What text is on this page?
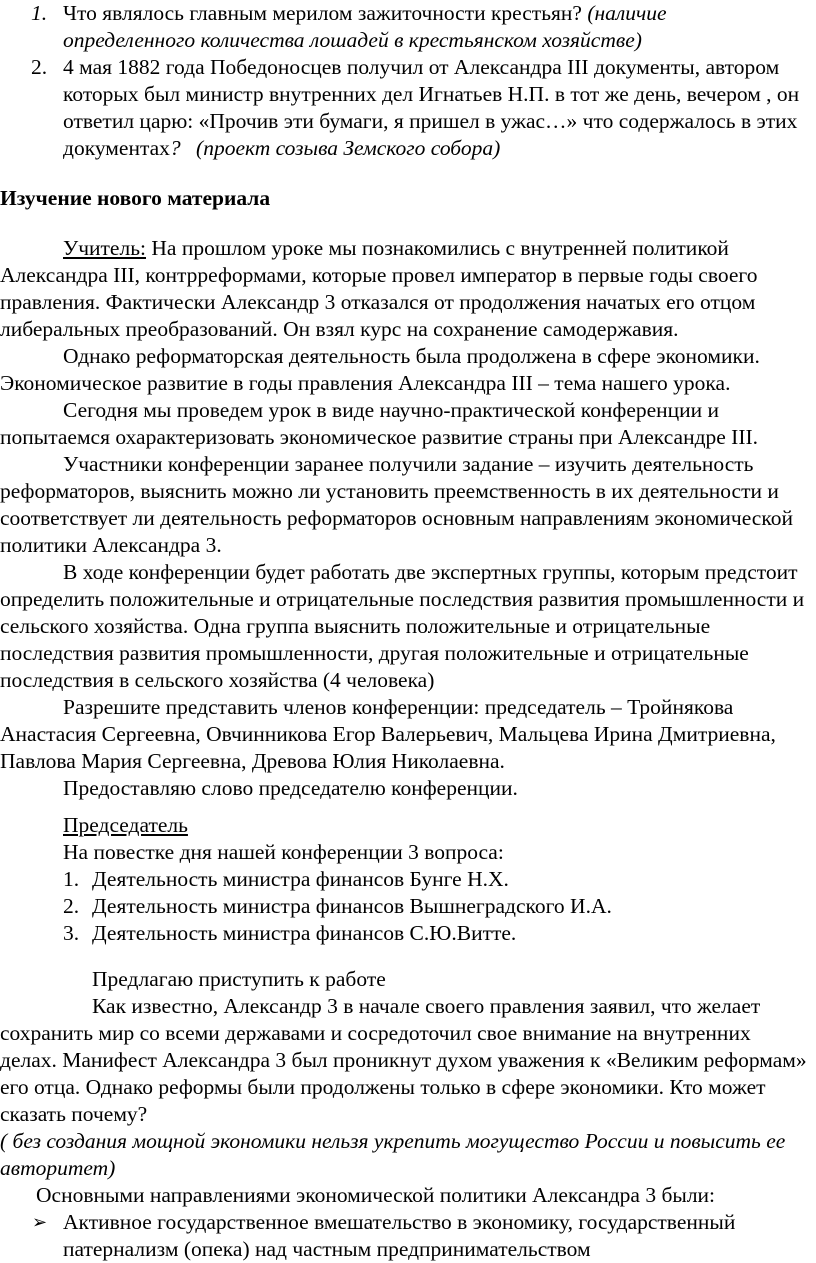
1. Что являлось главным мерилом зажиточности крестьян? (наличие определенного количества лошадей в крестьянском хозяйстве)
2. 4 мая 1882 года Победоносцев получил от Александра III документы, автором которых был министр внутренних дел Игнатьев Н.П. в тот же день, вечером , он ответил царю: «Прочив эти бумаги, я пришел в ужас…» что содержалось в этих документах? (проект созыва Земского собора)
Изучение нового материала

Учитель: На прошлом уроке мы познакомились с внутренней политикой Александра III, контрреформами, которые провел император в первые годы своего правления. Фактически Александр 3 отказался от продолжения начатых его отцом либеральных преобразований. Он взял курс на сохранение самодержавия.

Однако реформаторская деятельность была продолжена в сфере экономики. Экономическое развитие в годы правления Александра III – тема нашего урока.

Сегодня мы проведем урок в виде научно-практической конференции и попытаемся охарактеризовать экономическое развитие страны при Александре III.

Участники конференции заранее получили задание – изучить деятельность реформаторов, выяснить можно ли установить преемственность в их деятельности и соответствует ли деятельность реформаторов основным направлениям экономической политики Александра 3.

В ходе конференции будет работать две экспертных группы, которым предстоит определить положительные и отрицательные последствия развития промышленности и сельского хозяйства. Одна группа выяснить положительные и отрицательные последствия развития промышленности, другая положительные и отрицательные последствия в сельского хозяйства (4 человека)

Разрешите представить членов конференции: председатель – Тройнякова Анастасия Сергеевна, Овчинникова Егор Валерьевич, Мальцева Ирина Дмитриевна, Павлова Мария Сергеевна, Древова Юлия Николаевна.

Предоставляю слово председателю конференции.

Председатель
На повестке дня нашей конференции 3 вопроса:
1. Деятельность министра финансов Бунге Н.Х.
2. Деятельность министра финансов Вышнеградского И.А.
3. Деятельность министра финансов С.Ю.Витте.
Предлагаю приступить к работе

Как известно, Александр 3 в начале своего правления заявил, что желает сохранить мир со всеми державами и сосредоточил свое внимание на внутренних делах. Манифест Александра 3 был проникнут духом уважения к «Великим реформам» его отца. Однако реформы были продолжены только в сфере экономики. Кто может сказать почему?

( без создания мощной экономики нельзя укрепить могущество России и повысить ее авторитет)

Основными направлениями экономической политики Александра 3 были:
➢ Активное государственное вмешательство в экономику, государственный патернализм (опека) над частным предпринимательством
